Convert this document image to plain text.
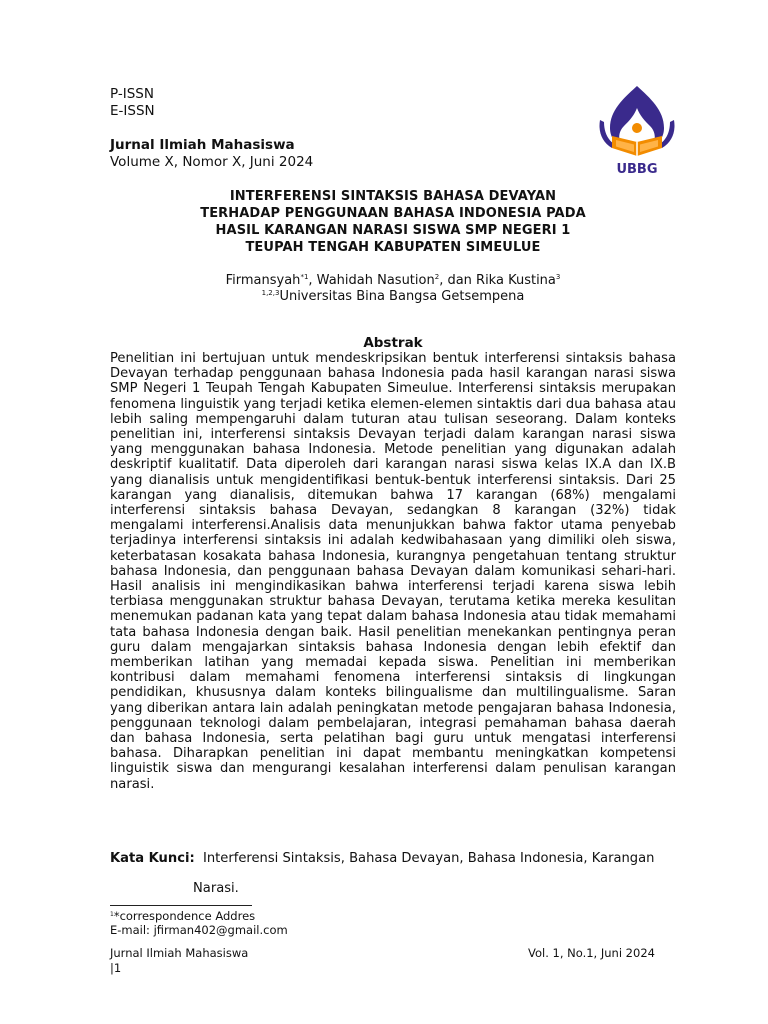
P-ISSN
E-ISSN
Jurnal Ilmiah Mahasiswa
Volume X, Nomor X, Juni 2024	UBBG
INTERFERENSI SINTAKSIS BAHASA DEVAYAN
TERHADAP PENGGUNAAN BAHASA INDONESIA PADA
HASIL KARANGAN NARASI SISWA SMP NEGERI 1
TEUPAH TENGAH KABUPATEN SIMEULUE
Firmansyah$^{*1}$, Wahidah Nasution$^2$, dan Rika Kustina$^3$
$^{1,2,3}$Universitas Bina Bangsa Getsempena
Abstrak
Penelitian ini bertujuan untuk mendeskripsikan bentuk interferensi sintaksis bahasa Devayan terhadap penggunaan bahasa Indonesia pada hasil karangan narasi siswa SMP Negeri 1 Teupah Tengah Kabupaten Simeulue. Interferensi sintaksis merupakan fenomena linguistik yang terjadi ketika elemen-elemen sintaktis dari dua bahasa atau lebih saling mempengaruhi dalam tuturan atau tulisan seseorang. Dalam konteks penelitian ini, interferensi sintaksis Devayan terjadi dalam karangan narasi siswa yang menggunakan bahasa Indonesia. Metode penelitian yang digunakan adalah deskriptif kualitatif. Data diperoleh dari karangan narasi siswa kelas IX.A dan IX.B yang dianalisis untuk mengidentifikasi bentuk-bentuk interferensi sintaksis. Dari 25 karangan yang dianalisis, ditemukan bahwa 17 karangan (68%) mengalami interferensi sintaksis bahasa Devayan, sedangkan 8 karangan (32%) tidak mengalami interferensi.Analisis data menunjukkan bahwa faktor utama penyebab terjadinya interferensi sintaksis ini adalah kedwibahasaan yang dimiliki oleh siswa, keterbatasan kosakata bahasa Indonesia, kurangnya pengetahuan tentang struktur bahasa Indonesia, dan penggunaan bahasa Devayan dalam komunikasi sehari-hari. Hasil analisis ini mengindikasikan bahwa interferensi terjadi karena siswa lebih terbiasa menggunakan struktur bahasa Devayan, terutama ketika mereka kesulitan menemukan padanan kata yang tepat dalam bahasa Indonesia atau tidak memahami tata bahasa Indonesia dengan baik. Hasil penelitian menekankan pentingnya peran guru dalam mengajarkan sintaksis bahasa Indonesia dengan lebih efektif dan memberikan latihan yang memadai kepada siswa. Penelitian ini memberikan kontribusi dalam memahami fenomena interferensi sintaksis di lingkungan pendidikan, khususnya dalam konteks bilingualisme dan multilingualisme. Saran yang diberikan antara lain adalah peningkatan metode pengajaran bahasa Indonesia, penggunaan teknologi dalam pembelajaran, integrasi pemahaman bahasa daerah dan bahasa Indonesia, serta pelatihan bagi guru untuk mengatasi interferensi bahasa. Diharapkan penelitian ini dapat membantu meningkatkan kompetensi linguistik siswa dan mengurangi kesalahan interferensi dalam penulisan karangan narasi.
Kata Kunci:  Interferensi Sintaksis, Bahasa Devayan, Bahasa Indonesia, Karangan
Narasi.
$^1$*correspondence Addres
E-mail: jfirman402@gmail.com
Jurnal Ilmiah Mahasiswa	Vol. 1, No.1, Juni 2024
|1
